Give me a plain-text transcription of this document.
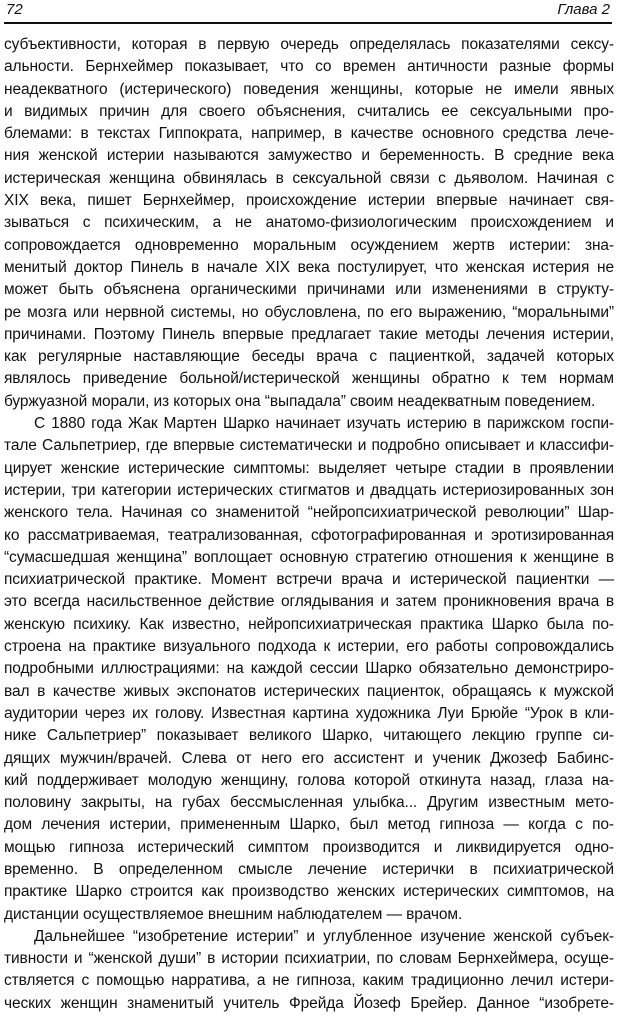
72	Глава 2

субъективности, которая в первую очередь определялась показателями сексу-

альности. Бернхеймер показывает, что со времен античности разные формы

неадекватного (истерического) поведения женщины, которые не имели явных

и видимых причин для своего объяснения, считались ее сексуальными про-

блемами: в текстах Гиппократа, например, в качестве основного средства лече-

ния женской истерии называются замужество и беременность. В средние века

истерическая женщина обвинялась в сексуальной связи с дьяволом. Начиная с

XIX века, пишет Бернхеймер, происхождение истерии впервые начинает свя-

зываться с психическим, а не анатомо-физиологическим происхождением и

сопровождается одновременно моральным осуждением жертв истерии: зна-

менитый доктор Пинель в начале XIX века постулирует, что женская истерия не

может быть объяснена органическими причинами или изменениями в структу-

ре мозга или нервной системы, но обусловлена, по его выражению, “моральными”

причинами. Поэтому Пинель впервые предлагает такие методы лечения истерии,

как регулярные наставляющие беседы врача с пациенткой, задачей которых

являлось приведение больной/истерической женщины обратно к тем нормам

буржуазной морали, из которых она “выпадала” своим неадекватным поведением.

С 1880 года Жак Мартен Шарко начинает изучать истерию в парижском госпи-

тале Сальпетриер, где впервые систематически и подробно описывает и классифи-

цирует женские истерические симптомы: выделяет четыре стадии в проявлении

истерии, три категории истерических стигматов и двадцать истериозированных зон

женского тела. Начиная со знаменитой “нейропсихиатрической революции” Шар-

ко рассматриваемая, театрализованная, сфотографированная и эротизированная

“сумасшедшая женщина” воплощает основную стратегию отношения к женщине в

психиатрической практике. Момент встречи врача и истерической пациентки —

это всегда насильственное действие оглядывания и затем проникновения врача в

женскую психику. Как известно, нейропсихиатрическая практика Шарко была по-

строена на практике визуального подхода к истерии, его работы сопровождались

подробными иллюстрациями: на каждой сессии Шарко обязательно демонстриро-

вал в качестве живых экспонатов истерических пациенток, обращаясь к мужской

аудитории через их голову. Известная картина художника Луи Брюйе “Урок в кли-

нике Сальпетриер” показывает великого Шарко, читающего лекцию группе си-

дящих мужчин/врачей. Слева от него его ассистент и ученик Джозеф Бабинс-

кий поддерживает молодую женщину, голова которой откинута назад, глаза на-

половину закрыты, на губах бессмысленная улыбка... Другим известным мето-

дом лечения истерии, примененным Шарко, был метод гипноза — когда с по-

мощью гипноза истерический симптом производится и ликвидируется одно-

временно. В определенном смысле лечение истерички в психиатрической

практике Шарко строится как производство женских истерических симптомов, на

дистанции осуществляемое внешним наблюдателем — врачом.

Дальнейшее “изобретение истерии” и углубленное изучение женской субъек-

тивности и “женской души” в истории психиатрии, по словам Бернхеймера, осуще-

ствляется с помощью нарратива, а не гипноза, каким традиционно лечил истери-

ческих женщин знаменитый учитель Фрейда Йозеф Брейер. Данное “изобрете-
